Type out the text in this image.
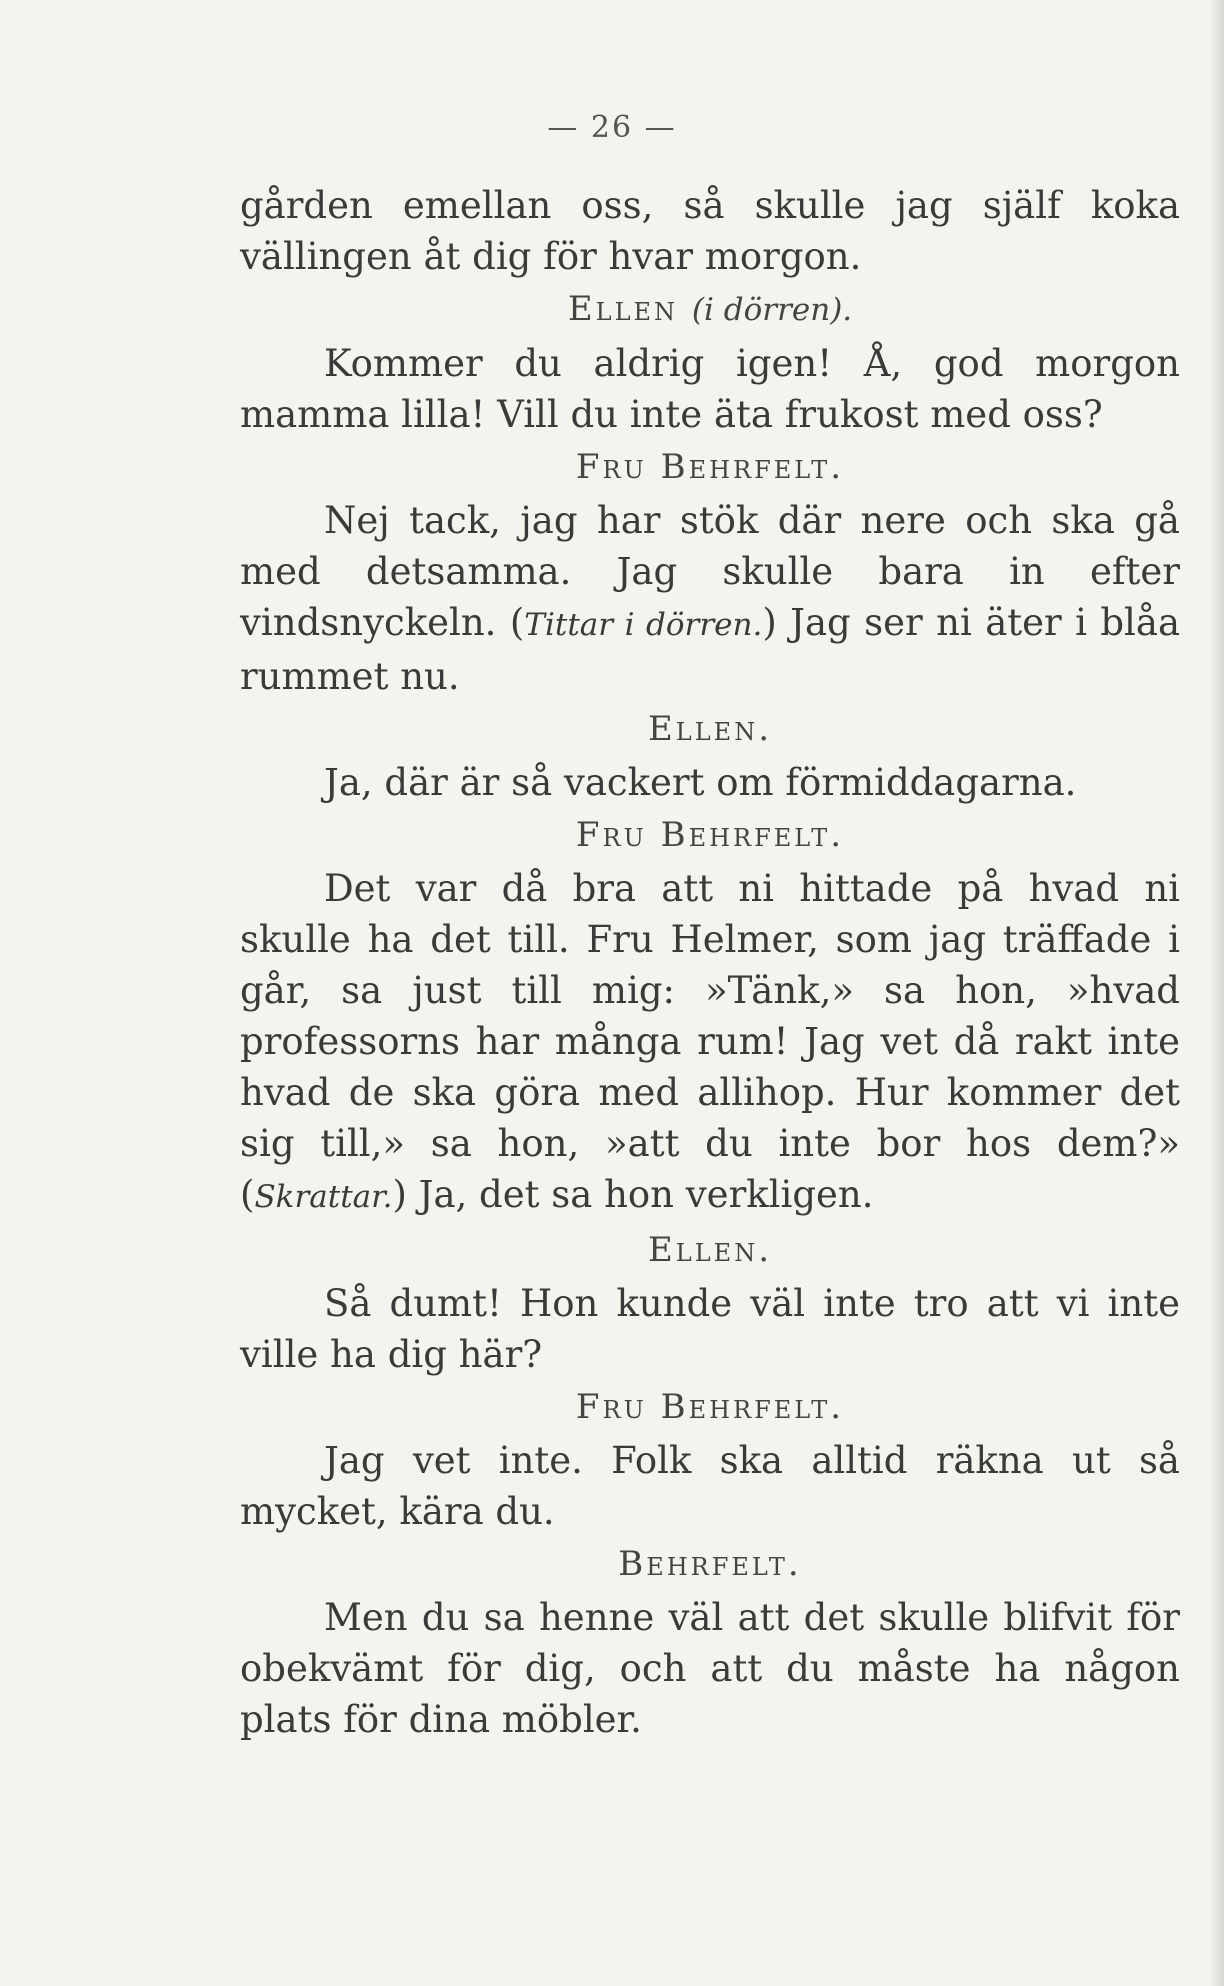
— 26 —

gården emellan oss, så skulle jag själf koka vällingen åt dig för hvar morgon.

Ellen (i dörren).

Kommer du aldrig igen! Å, god morgon mamma lilla! Vill du inte äta frukost med oss?

Fru Behrfelt.

Nej tack, jag har stök där nere och ska gå med detsamma. Jag skulle bara in efter vindsnyckeln. (Tittar i dörren.) Jag ser ni äter i blåa rummet nu.

Ellen.

Ja, där är så vackert om förmiddagarna.

Fru Behrfelt.

Det var då bra att ni hittade på hvad ni skulle ha det till. Fru Helmer, som jag träffade i går, sa just till mig: »Tänk,» sa hon, »hvad professorns har många rum! Jag vet då rakt inte hvad de ska göra med allihop. Hur kommer det sig till,» sa hon, »att du inte bor hos dem?» (Skrattar.) Ja, det sa hon verkligen.

Ellen.

Så dumt! Hon kunde väl inte tro att vi inte ville ha dig här?

Fru Behrfelt.

Jag vet inte. Folk ska alltid räkna ut så mycket, kära du.

Behrfelt.

Men du sa henne väl att det skulle blifvit för obekvämt för dig, och att du måste ha någon plats för dina möbler.
